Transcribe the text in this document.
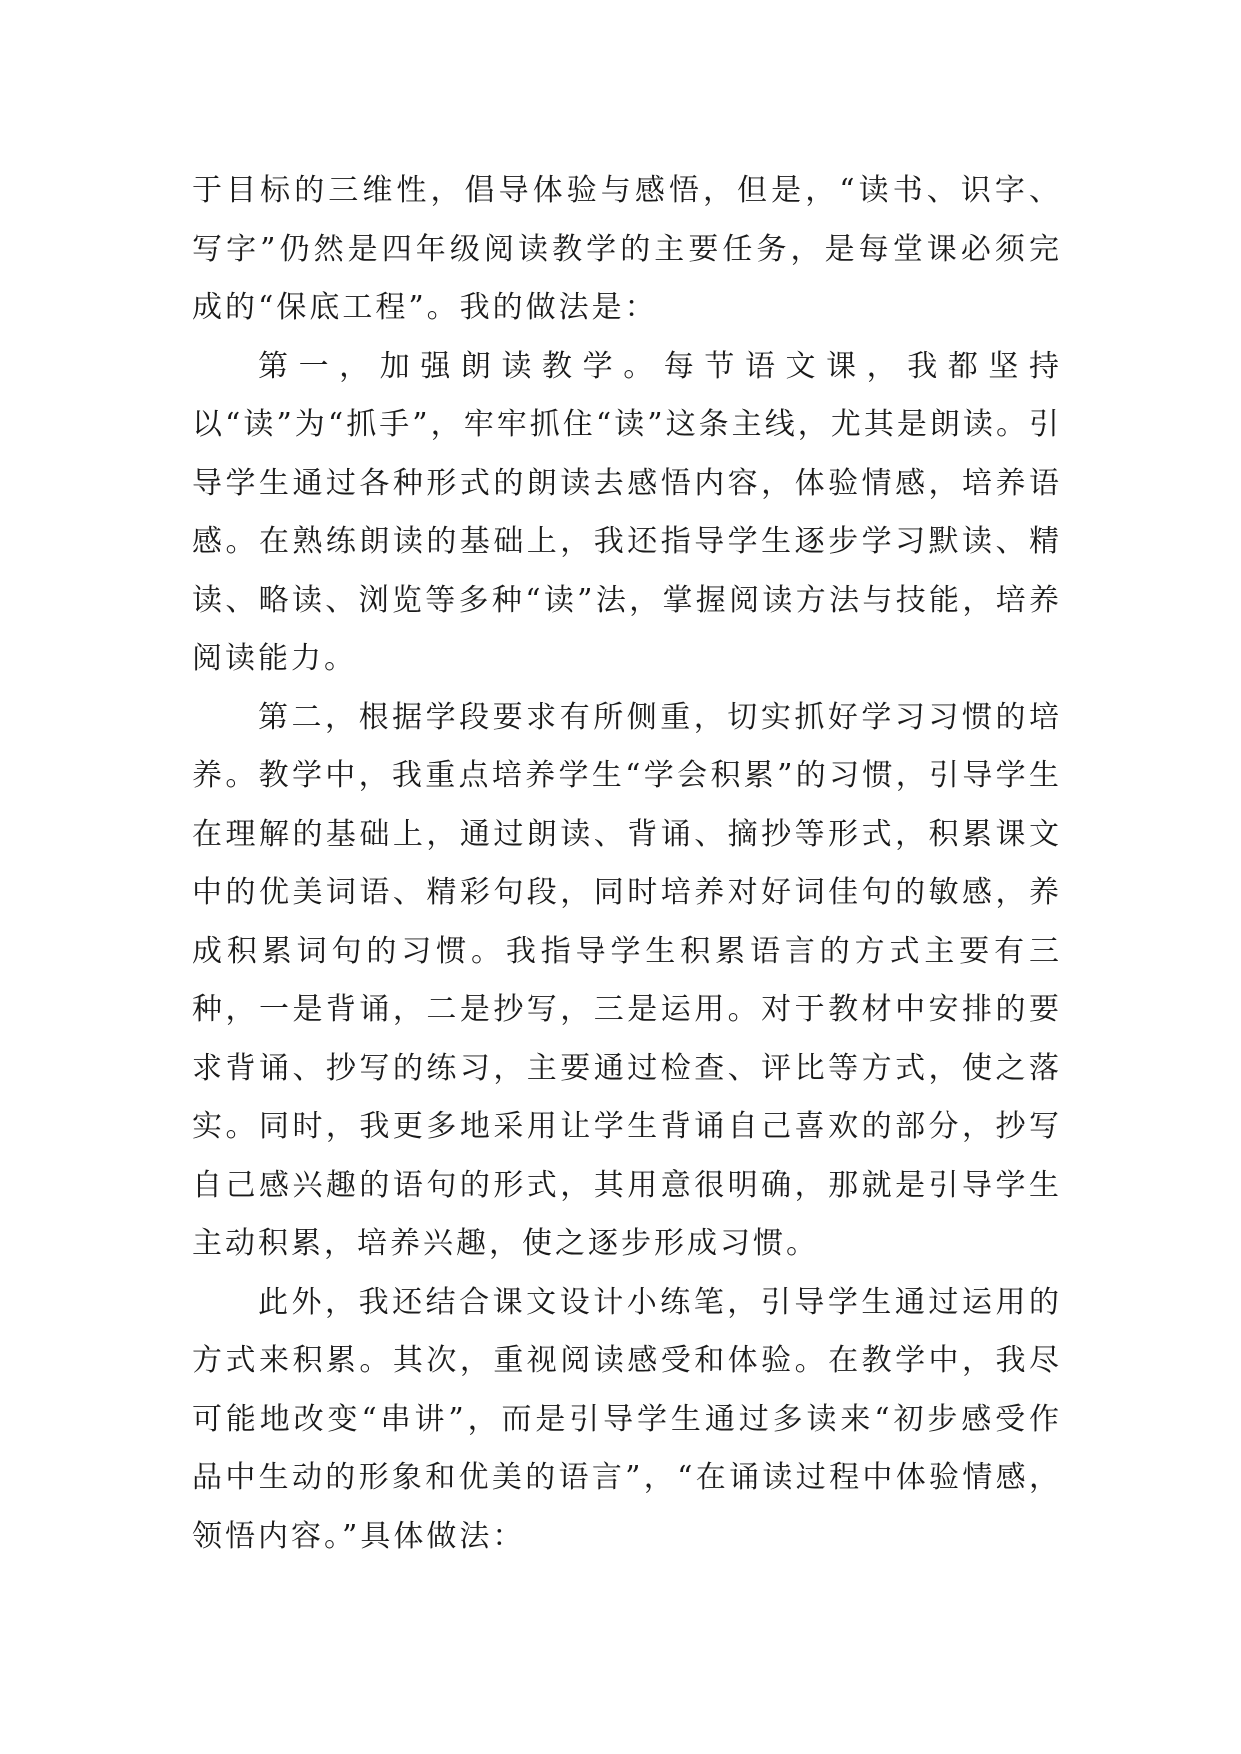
于目标的三维性，倡导体验与感悟，但是，“读书、识字、写字”仍然是四年级阅读教学的主要任务，是每堂课必须完成的“保底工程”。我的做法是：

第一，加强朗读教学。每节语文课，我都坚持以“读”为“抓手”，牢牢抓住“读”这条主线，尤其是朗读。引导学生通过各种形式的朗读去感悟内容，体验情感，培养语感。在熟练朗读的基础上，我还指导学生逐步学习默读、精读、略读、浏览等多种“读”法，掌握阅读方法与技能，培养阅读能力。

第二，根据学段要求有所侧重，切实抓好学习习惯的培养。教学中，我重点培养学生“学会积累”的习惯，引导学生在理解的基础上，通过朗读、背诵、摘抄等形式，积累课文中的优美词语、精彩句段，同时培养对好词佳句的敏感，养成积累词句的习惯。我指导学生积累语言的方式主要有三种，一是背诵，二是抄写，三是运用。对于教材中安排的要求背诵、抄写的练习，主要通过检查、评比等方式，使之落实。同时，我更多地采用让学生背诵自己喜欢的部分，抄写自己感兴趣的语句的形式，其用意很明确，那就是引导学生主动积累，培养兴趣，使之逐步形成习惯。

此外，我还结合课文设计小练笔，引导学生通过运用的方式来积累。其次，重视阅读感受和体验。在教学中，我尽可能地改变“串讲”，而是引导学生通过多读来“初步感受作品中生动的形象和优美的语言”，“在诵读过程中体验情感，领悟内容。”具体做法：
